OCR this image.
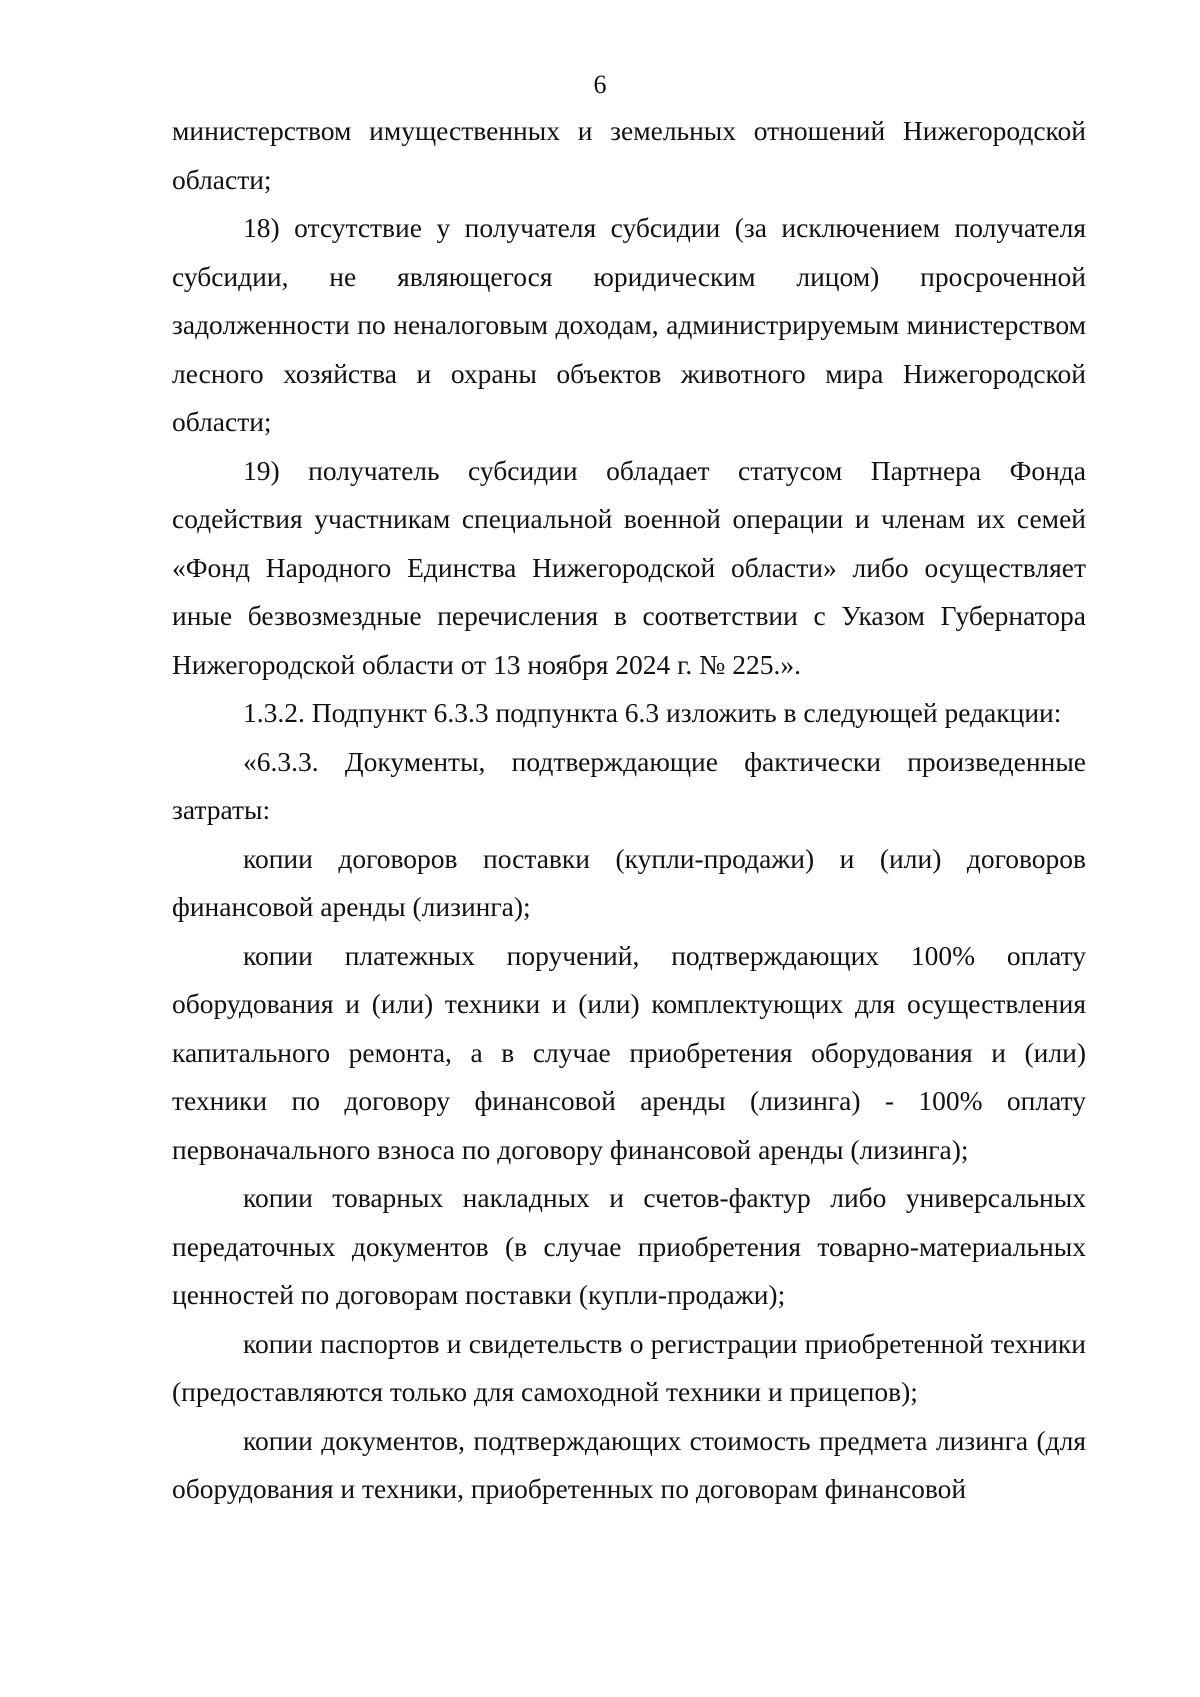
6

министерством имущественных и земельных отношений Нижегородской области;

18) отсутствие у получателя субсидии (за исключением получателя субсидии, не являющегося юридическим лицом) просроченной задолженности по неналоговым доходам, администрируемым министерством лесного хозяйства и охраны объектов животного мира Нижегородской области;

19) получатель субсидии обладает статусом Партнера Фонда содействия участникам специальной военной операции и членам их семей «Фонд Народного Единства Нижегородской области» либо осуществляет иные безвозмездные перечисления в соответствии с Указом Губернатора Нижегородской области от 13 ноября 2024 г. № 225.».

1.3.2. Подпункт 6.3.3 подпункта 6.3 изложить в следующей редакции:

«6.3.3. Документы, подтверждающие фактически произведенные затраты:

копии договоров поставки (купли-продажи) и (или) договоров финансовой аренды (лизинга);

копии платежных поручений, подтверждающих 100% оплату оборудования и (или) техники и (или) комплектующих для осуществления капитального ремонта, а в случае приобретения оборудования и (или) техники по договору финансовой аренды (лизинга) - 100% оплату первоначального взноса по договору финансовой аренды (лизинга);

копии товарных накладных и счетов-фактур либо универсальных передаточных документов (в случае приобретения товарно-материальных ценностей по договорам поставки (купли-продажи);

копии паспортов и свидетельств о регистрации приобретенной техники (предоставляются только для самоходной техники и прицепов);

копии документов, подтверждающих стоимость предмета лизинга (для оборудования и техники, приобретенных по договорам финансовой
